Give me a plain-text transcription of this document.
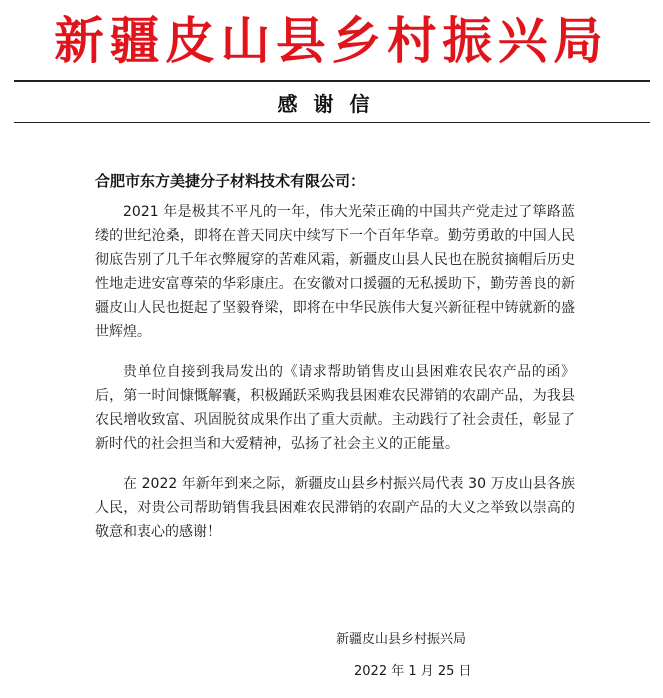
新疆皮山县乡村振兴局
感谢信
合肥市东方美捷分子材料技术有限公司：

2021 年是极其不平凡的一年，伟大光荣正确的中国共产党走过了筚路蓝缕的世纪沧桑，即将在普天同庆中续写下一个百年华章。勤劳勇敢的中国人民彻底告别了几千年衣弊履穿的苦难风霜，新疆皮山县人民也在脱贫摘帽后历史性地走进安富尊荣的华彩康庄。在安徽对口援疆的无私援助下，勤劳善良的新疆皮山人民也挺起了坚毅脊梁，即将在中华民族伟大复兴新征程中铸就新的盛世辉煌。

贵单位自接到我局发出的《请求帮助销售皮山县困难农民农产品的函》后，第一时间慷慨解囊，积极踊跃采购我县困难农民滞销的农副产品，为我县农民增收致富、巩固脱贫成果作出了重大贡献。主动践行了社会责任，彰显了新时代的社会担当和大爱精神，弘扬了社会主义的正能量。

在 2022 年新年到来之际，新疆皮山县乡村振兴局代表 30 万皮山县各族人民，对贵公司帮助销售我县困难农民滞销的农副产品的大义之举致以崇高的敬意和衷心的感谢！

新疆皮山县乡村振兴局
2022 年 1 月 25 日
